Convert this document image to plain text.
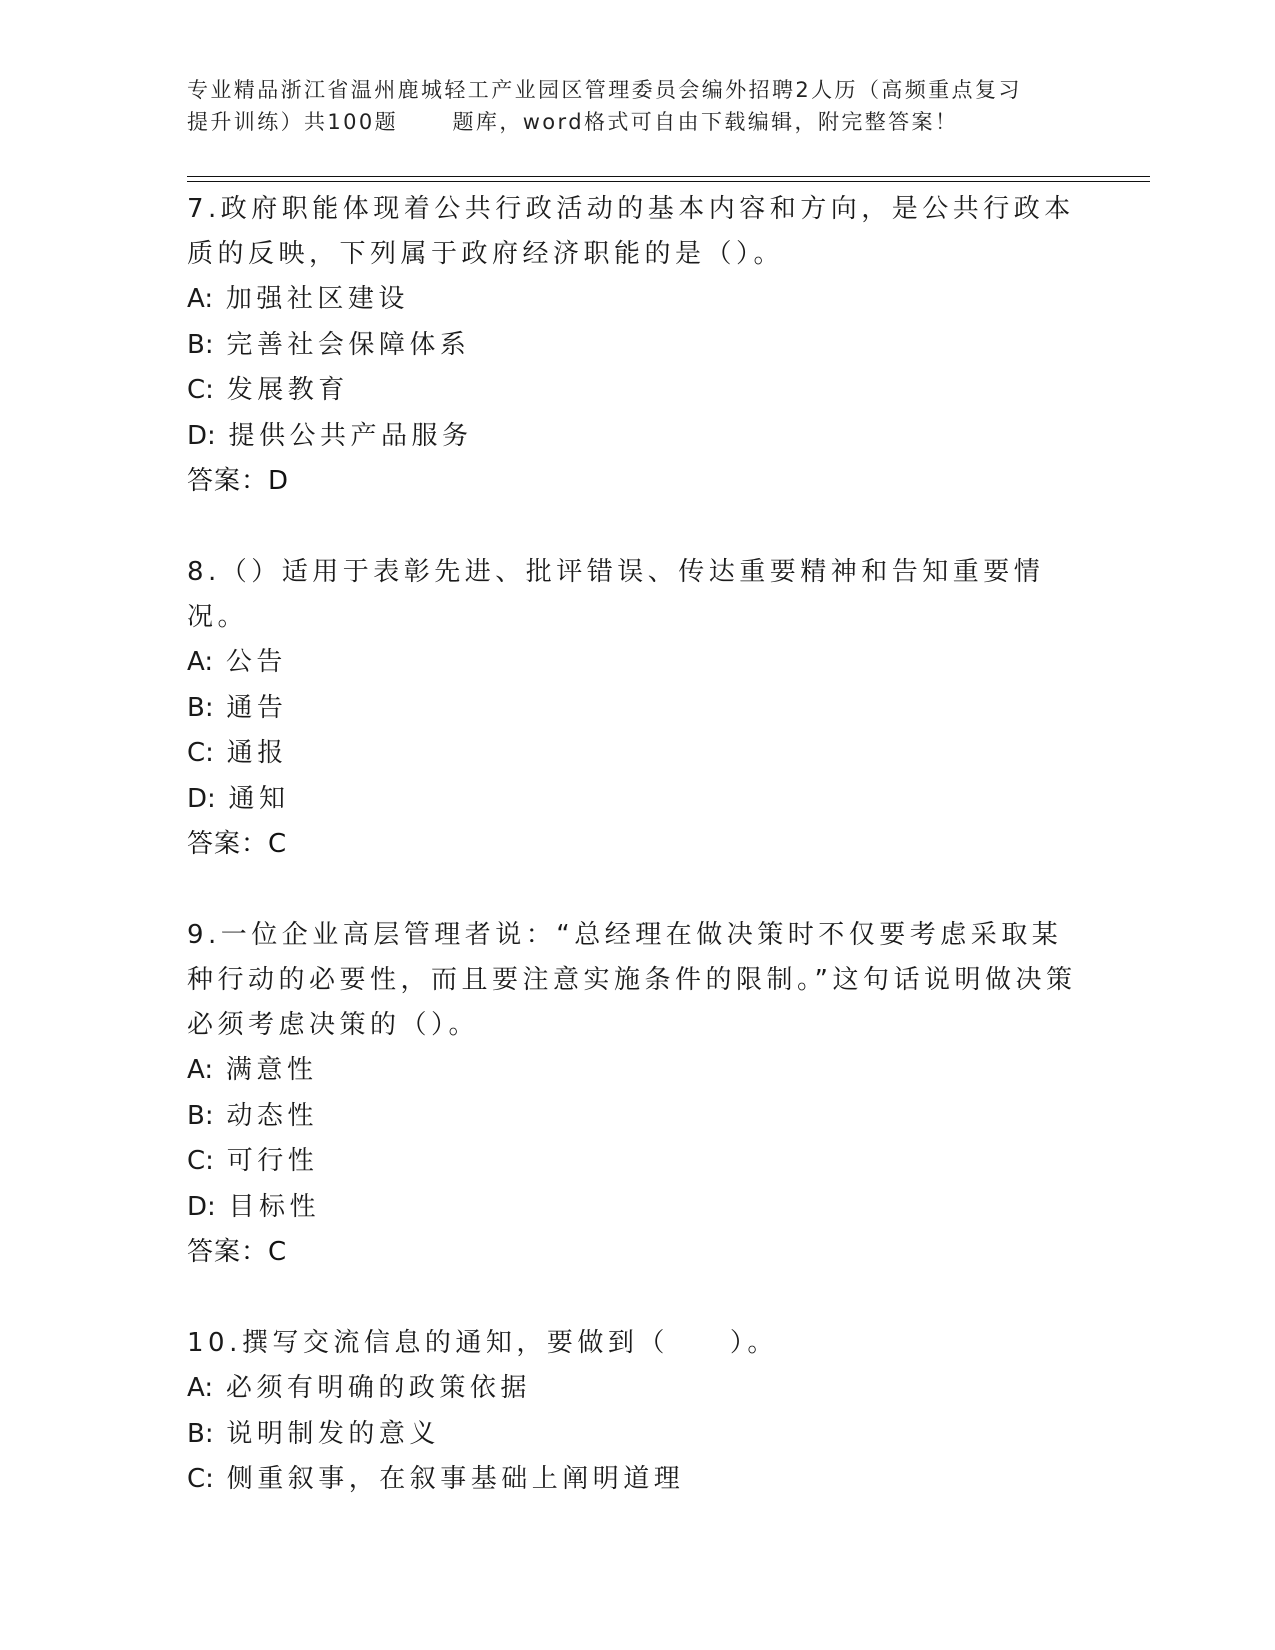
专业精品浙江省温州鹿城轻工产业园区管理委员会编外招聘2人历（高频重点复习
提升训练）共100题      题库，word格式可自由下载编辑，附完整答案！
7.政府职能体现着公共行政活动的基本内容和方向，是公共行政本质的反映，下列属于政府经济职能的是（）。
A: 加强社区建设
B: 完善社会保障体系
C: 发展教育
D: 提供公共产品服务
答案：D
8.（）适用于表彰先进、批评错误、传达重要精神和告知重要情况。
A: 公告
B: 通告
C: 通报
D: 通知
答案：C
9.一位企业高层管理者说：“总经理在做决策时不仅要考虑采取某种行动的必要性，而且要注意实施条件的限制。”这句话说明做决策必须考虑决策的（）。
A: 满意性
B: 动态性
C: 可行性
D: 目标性
答案：C
10.撰写交流信息的通知，要做到（　　）。
A: 必须有明确的政策依据
B: 说明制发的意义
C: 侧重叙事，在叙事基础上阐明道理
